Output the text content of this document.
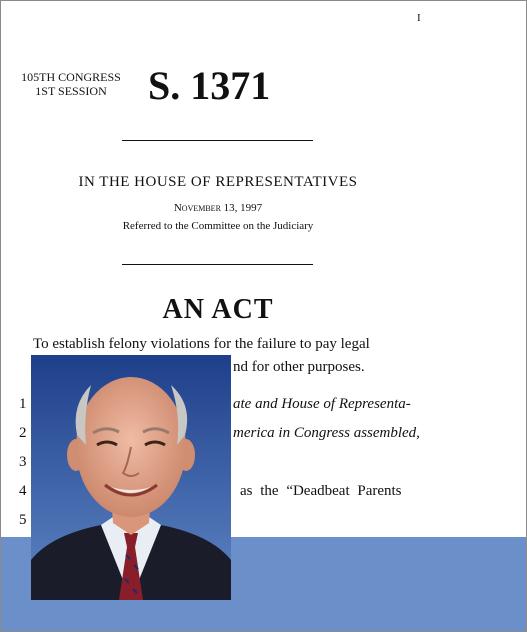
I
105TH CONGRESS
1ST SESSION	S. 1371
IN THE HOUSE OF REPRESENTATIVES
November 13, 1997
Referred to the Committee on the Judiciary
AN ACT
To establish felony violations for the failure to pay legal
nd for other purposes.
1	ate and House of Representa-
2	merica in Congress assembled,
3
4	as the “Deadbeat Parents
5
